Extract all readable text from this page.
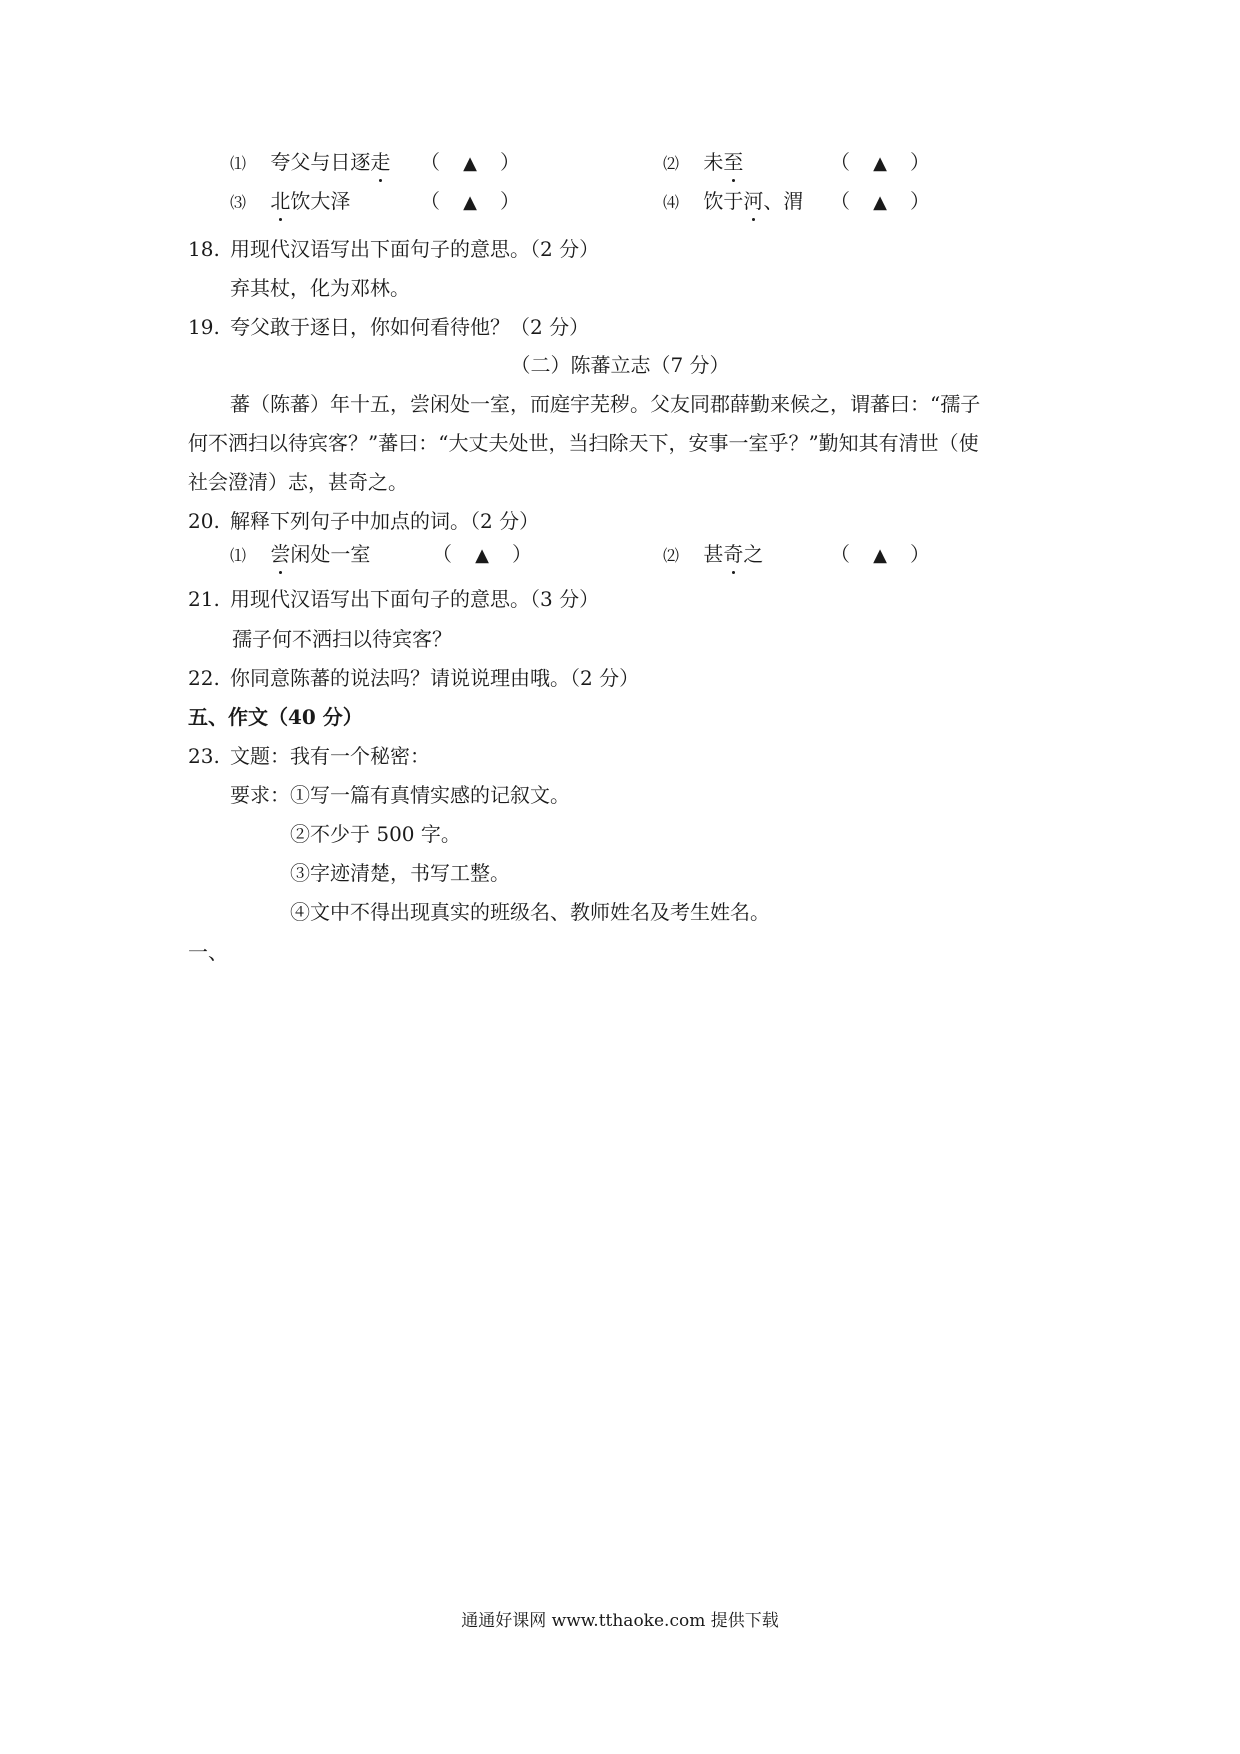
⑴ 夸父与日逐走 （ ▲ ）	⑵ 未至	（ ▲ ）
⑶ 北饮大泽	（ ▲ ）	⑷ 饮于河、渭 （ ▲ ）
18. 用现代汉语写出下面句子的意思。（2 分）
弃其杖，化为邓林。
19. 夸父敢于逐日，你如何看待他？（2 分）
（二）陈蕃立志（7 分）
蕃（陈蕃）年十五，尝闲处一室，而庭宇芜秽。父友同郡薛勤来候之，谓蕃曰：“孺子
何不洒扫以待宾客？”蕃曰：“大丈夫处世，当扫除天下，安事一室乎？”勤知其有清世（使
社会澄清）志，甚奇之。
20. 解释下列句子中加点的词。（2 分）
⑴ 尝闲处一室	（ ▲ ）	⑵ 甚奇之	（ ▲ ）
21. 用现代汉语写出下面句子的意思。（3 分）
孺子何不洒扫以待宾客？
22. 你同意陈蕃的说法吗？请说说理由哦。（2 分）
五、作文（40 分）
23. 文题：我有一个秘密：
要求：①写一篇有真情实感的记叙文。
②不少于 500 字。
③字迹清楚，书写工整。
④文中不得出现真实的班级名、教师姓名及考生姓名。
一、
通通好课网 www.tthaoke.com 提供下载
